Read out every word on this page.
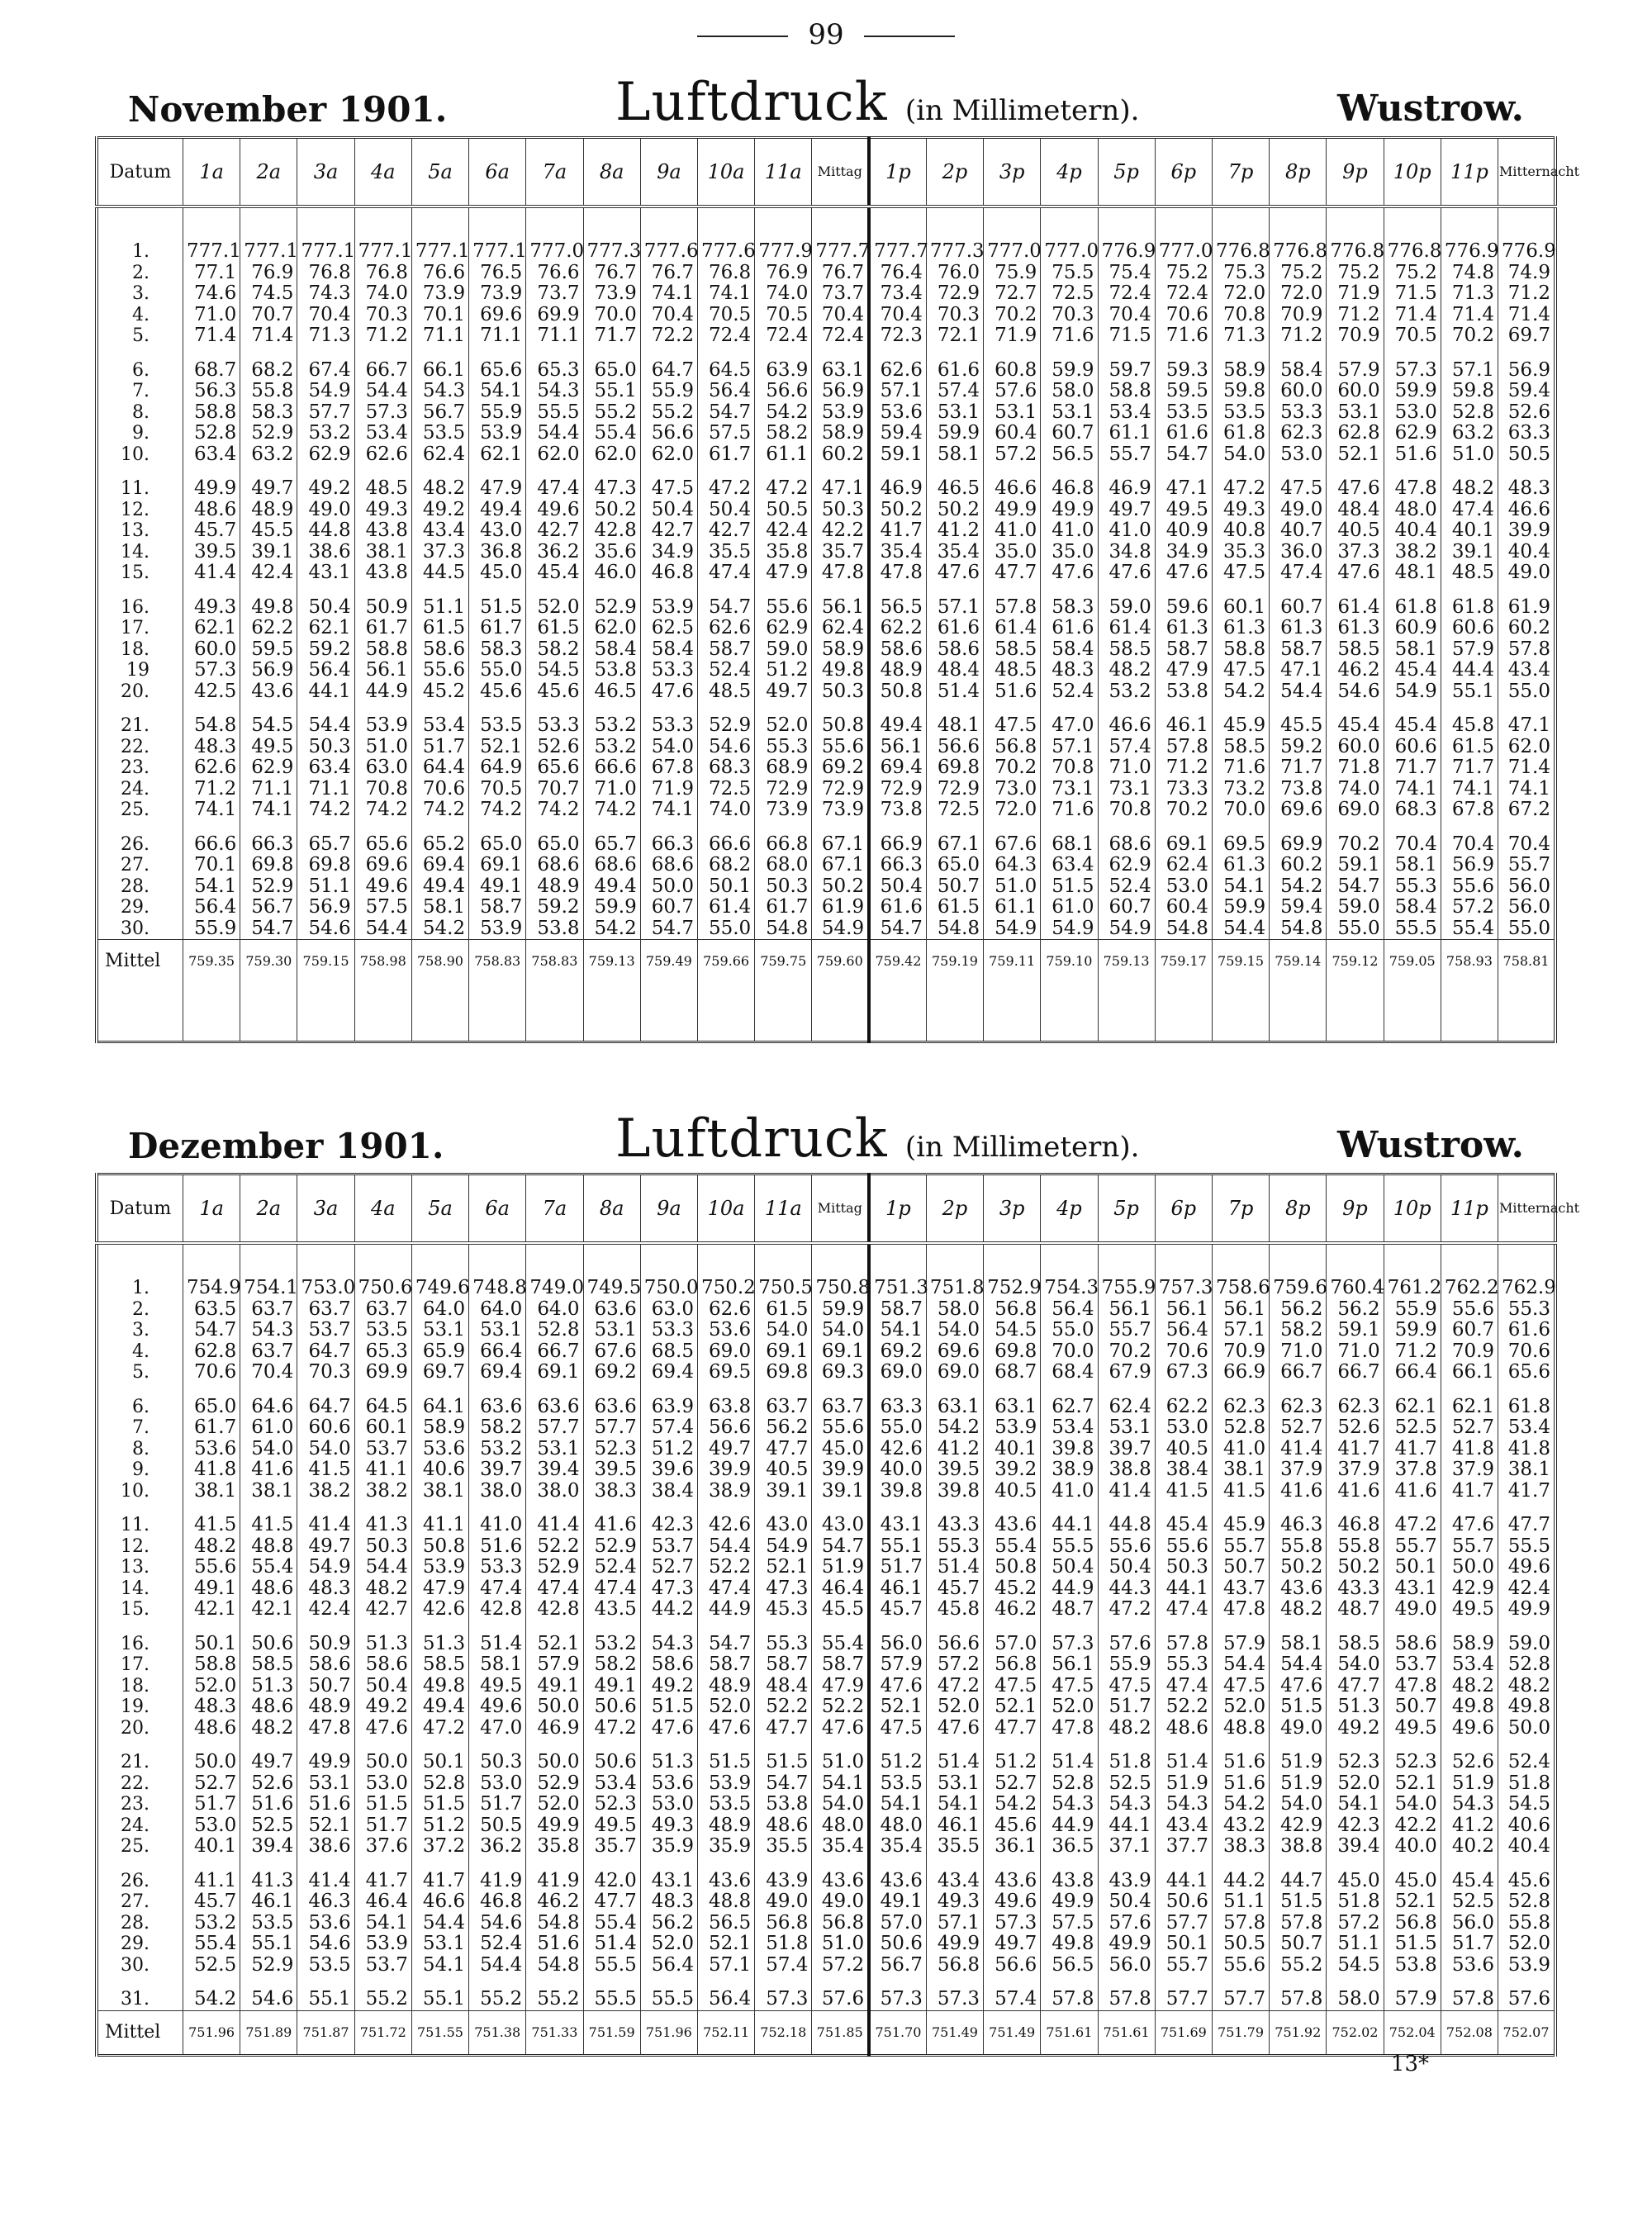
99
November 1901.	Luftdruck (in Millimetern).	Wustrow.
Datum	1a	2a	3a	4a	5a	6a	7a	8a	9a	10a	11a	Mittag	1p	2p	3p	4p	5p	6p	7p	8p	9p	10p	11p	Mitternacht
1.	777.1	777.1	777.1	777.1	777.1	777.1	777.0	777.3	777.6	777.6	777.9	777.7	777.7	777.3	777.0	777.0	776.9	777.0	776.8	776.8	776.8	776.8	776.9	776.9
2.	77.1	76.9	76.8	76.8	76.6	76.5	76.6	76.7	76.7	76.8	76.9	76.7	76.4	76.0	75.9	75.5	75.4	75.2	75.3	75.2	75.2	75.2	74.8	74.9
3.	74.6	74.5	74.3	74.0	73.9	73.9	73.7	73.9	74.1	74.1	74.0	73.7	73.4	72.9	72.7	72.5	72.4	72.4	72.0	72.0	71.9	71.5	71.3	71.2
4.	71.0	70.7	70.4	70.3	70.1	69.6	69.9	70.0	70.4	70.5	70.5	70.4	70.4	70.3	70.2	70.3	70.4	70.6	70.8	70.9	71.2	71.4	71.4	71.4
5.	71.4	71.4	71.3	71.2	71.1	71.1	71.1	71.7	72.2	72.4	72.4	72.4	72.3	72.1	71.9	71.6	71.5	71.6	71.3	71.2	70.9	70.5	70.2	69.7

6.	68.7	68.2	67.4	66.7	66.1	65.6	65.3	65.0	64.7	64.5	63.9	63.1	62.6	61.6	60.8	59.9	59.7	59.3	58.9	58.4	57.9	57.3	57.1	56.9
7.	56.3	55.8	54.9	54.4	54.3	54.1	54.3	55.1	55.9	56.4	56.6	56.9	57.1	57.4	57.6	58.0	58.8	59.5	59.8	60.0	60.0	59.9	59.8	59.4
8.	58.8	58.3	57.7	57.3	56.7	55.9	55.5	55.2	55.2	54.7	54.2	53.9	53.6	53.1	53.1	53.1	53.4	53.5	53.5	53.3	53.1	53.0	52.8	52.6
9.	52.8	52.9	53.2	53.4	53.5	53.9	54.4	55.4	56.6	57.5	58.2	58.9	59.4	59.9	60.4	60.7	61.1	61.6	61.8	62.3	62.8	62.9	63.2	63.3
10.	63.4	63.2	62.9	62.6	62.4	62.1	62.0	62.0	62.0	61.7	61.1	60.2	59.1	58.1	57.2	56.5	55.7	54.7	54.0	53.0	52.1	51.6	51.0	50.5

11.	49.9	49.7	49.2	48.5	48.2	47.9	47.4	47.3	47.5	47.2	47.2	47.1	46.9	46.5	46.6	46.8	46.9	47.1	47.2	47.5	47.6	47.8	48.2	48.3
12.	48.6	48.9	49.0	49.3	49.2	49.4	49.6	50.2	50.4	50.4	50.5	50.3	50.2	50.2	49.9	49.9	49.7	49.5	49.3	49.0	48.4	48.0	47.4	46.6
13.	45.7	45.5	44.8	43.8	43.4	43.0	42.7	42.8	42.7	42.7	42.4	42.2	41.7	41.2	41.0	41.0	41.0	40.9	40.8	40.7	40.5	40.4	40.1	39.9
14.	39.5	39.1	38.6	38.1	37.3	36.8	36.2	35.6	34.9	35.5	35.8	35.7	35.4	35.4	35.0	35.0	34.8	34.9	35.3	36.0	37.3	38.2	39.1	40.4
15.	41.4	42.4	43.1	43.8	44.5	45.0	45.4	46.0	46.8	47.4	47.9	47.8	47.8	47.6	47.7	47.6	47.6	47.6	47.5	47.4	47.6	48.1	48.5	49.0

16.	49.3	49.8	50.4	50.9	51.1	51.5	52.0	52.9	53.9	54.7	55.6	56.1	56.5	57.1	57.8	58.3	59.0	59.6	60.1	60.7	61.4	61.8	61.8	61.9
17.	62.1	62.2	62.1	61.7	61.5	61.7	61.5	62.0	62.5	62.6	62.9	62.4	62.2	61.6	61.4	61.6	61.4	61.3	61.3	61.3	61.3	60.9	60.6	60.2
18.	60.0	59.5	59.2	58.8	58.6	58.3	58.2	58.4	58.4	58.7	59.0	58.9	58.6	58.6	58.5	58.4	58.5	58.7	58.8	58.7	58.5	58.1	57.9	57.8
19	57.3	56.9	56.4	56.1	55.6	55.0	54.5	53.8	53.3	52.4	51.2	49.8	48.9	48.4	48.5	48.3	48.2	47.9	47.5	47.1	46.2	45.4	44.4	43.4
20.	42.5	43.6	44.1	44.9	45.2	45.6	45.6	46.5	47.6	48.5	49.7	50.3	50.8	51.4	51.6	52.4	53.2	53.8	54.2	54.4	54.6	54.9	55.1	55.0

21.	54.8	54.5	54.4	53.9	53.4	53.5	53.3	53.2	53.3	52.9	52.0	50.8	49.4	48.1	47.5	47.0	46.6	46.1	45.9	45.5	45.4	45.4	45.8	47.1
22.	48.3	49.5	50.3	51.0	51.7	52.1	52.6	53.2	54.0	54.6	55.3	55.6	56.1	56.6	56.8	57.1	57.4	57.8	58.5	59.2	60.0	60.6	61.5	62.0
23.	62.6	62.9	63.4	63.0	64.4	64.9	65.6	66.6	67.8	68.3	68.9	69.2	69.4	69.8	70.2	70.8	71.0	71.2	71.6	71.7	71.8	71.7	71.7	71.4
24.	71.2	71.1	71.1	70.8	70.6	70.5	70.7	71.0	71.9	72.5	72.9	72.9	72.9	72.9	73.0	73.1	73.1	73.3	73.2	73.8	74.0	74.1	74.1	74.1
25.	74.1	74.1	74.2	74.2	74.2	74.2	74.2	74.2	74.1	74.0	73.9	73.9	73.8	72.5	72.0	71.6	70.8	70.2	70.0	69.6	69.0	68.3	67.8	67.2

26.	66.6	66.3	65.7	65.6	65.2	65.0	65.0	65.7	66.3	66.6	66.8	67.1	66.9	67.1	67.6	68.1	68.6	69.1	69.5	69.9	70.2	70.4	70.4	70.4
27.	70.1	69.8	69.8	69.6	69.4	69.1	68.6	68.6	68.6	68.2	68.0	67.1	66.3	65.0	64.3	63.4	62.9	62.4	61.3	60.2	59.1	58.1	56.9	55.7
28.	54.1	52.9	51.1	49.6	49.4	49.1	48.9	49.4	50.0	50.1	50.3	50.2	50.4	50.7	51.0	51.5	52.4	53.0	54.1	54.2	54.7	55.3	55.6	56.0
29.	56.4	56.7	56.9	57.5	58.1	58.7	59.2	59.9	60.7	61.4	61.7	61.9	61.6	61.5	61.1	61.0	60.7	60.4	59.9	59.4	59.0	58.4	57.2	56.0
30.	55.9	54.7	54.6	54.4	54.2	53.9	53.8	54.2	54.7	55.0	54.8	54.9	54.7	54.8	54.9	54.9	54.9	54.8	54.4	54.8	55.0	55.5	55.4	55.0
Mittel	759.35	759.30	759.15	758.98	758.90	758.83	758.83	759.13	759.49	759.66	759.75	759.60	759.42	759.19	759.11	759.10	759.13	759.17	759.15	759.14	759.12	759.05	758.93	758.81

Dezember 1901.	Luftdruck (in Millimetern).	Wustrow.
Datum	1a	2a	3a	4a	5a	6a	7a	8a	9a	10a	11a	Mittag	1p	2p	3p	4p	5p	6p	7p	8p	9p	10p	11p	Mitternacht
1.	754.9	754.1	753.0	750.6	749.6	748.8	749.0	749.5	750.0	750.2	750.5	750.8	751.3	751.8	752.9	754.3	755.9	757.3	758.6	759.6	760.4	761.2	762.2	762.9
2.	63.5	63.7	63.7	63.7	64.0	64.0	64.0	63.6	63.0	62.6	61.5	59.9	58.7	58.0	56.8	56.4	56.1	56.1	56.1	56.2	56.2	55.9	55.6	55.3
3.	54.7	54.3	53.7	53.5	53.1	53.1	52.8	53.1	53.3	53.6	54.0	54.0	54.1	54.0	54.5	55.0	55.7	56.4	57.1	58.2	59.1	59.9	60.7	61.6
4.	62.8	63.7	64.7	65.3	65.9	66.4	66.7	67.6	68.5	69.0	69.1	69.1	69.2	69.6	69.8	70.0	70.2	70.6	70.9	71.0	71.0	71.2	70.9	70.6
5.	70.6	70.4	70.3	69.9	69.7	69.4	69.1	69.2	69.4	69.5	69.8	69.3	69.0	69.0	68.7	68.4	67.9	67.3	66.9	66.7	66.7	66.4	66.1	65.6

6.	65.0	64.6	64.7	64.5	64.1	63.6	63.6	63.6	63.9	63.8	63.7	63.7	63.3	63.1	63.1	62.7	62.4	62.2	62.3	62.3	62.3	62.1	62.1	61.8
7.	61.7	61.0	60.6	60.1	58.9	58.2	57.7	57.7	57.4	56.6	56.2	55.6	55.0	54.2	53.9	53.4	53.1	53.0	52.8	52.7	52.6	52.5	52.7	53.4
8.	53.6	54.0	54.0	53.7	53.6	53.2	53.1	52.3	51.2	49.7	47.7	45.0	42.6	41.2	40.1	39.8	39.7	40.5	41.0	41.4	41.7	41.7	41.8	41.8
9.	41.8	41.6	41.5	41.1	40.6	39.7	39.4	39.5	39.6	39.9	40.5	39.9	40.0	39.5	39.2	38.9	38.8	38.4	38.1	37.9	37.9	37.8	37.9	38.1
10.	38.1	38.1	38.2	38.2	38.1	38.0	38.0	38.3	38.4	38.9	39.1	39.1	39.8	39.8	40.5	41.0	41.4	41.5	41.5	41.6	41.6	41.6	41.7	41.7

11.	41.5	41.5	41.4	41.3	41.1	41.0	41.4	41.6	42.3	42.6	43.0	43.0	43.1	43.3	43.6	44.1	44.8	45.4	45.9	46.3	46.8	47.2	47.6	47.7
12.	48.2	48.8	49.7	50.3	50.8	51.6	52.2	52.9	53.7	54.4	54.9	54.7	55.1	55.3	55.4	55.5	55.6	55.6	55.7	55.8	55.8	55.7	55.7	55.5
13.	55.6	55.4	54.9	54.4	53.9	53.3	52.9	52.4	52.7	52.2	52.1	51.9	51.7	51.4	50.8	50.4	50.4	50.3	50.7	50.2	50.2	50.1	50.0	49.6
14.	49.1	48.6	48.3	48.2	47.9	47.4	47.4	47.4	47.3	47.4	47.3	46.4	46.1	45.7	45.2	44.9	44.3	44.1	43.7	43.6	43.3	43.1	42.9	42.4
15.	42.1	42.1	42.4	42.7	42.6	42.8	42.8	43.5	44.2	44.9	45.3	45.5	45.7	45.8	46.2	48.7	47.2	47.4	47.8	48.2	48.7	49.0	49.5	49.9

16.	50.1	50.6	50.9	51.3	51.3	51.4	52.1	53.2	54.3	54.7	55.3	55.4	56.0	56.6	57.0	57.3	57.6	57.8	57.9	58.1	58.5	58.6	58.9	59.0
17.	58.8	58.5	58.6	58.6	58.5	58.1	57.9	58.2	58.6	58.7	58.7	58.7	57.9	57.2	56.8	56.1	55.9	55.3	54.4	54.4	54.0	53.7	53.4	52.8
18.	52.0	51.3	50.7	50.4	49.8	49.5	49.1	49.1	49.2	48.9	48.4	47.9	47.6	47.2	47.5	47.5	47.5	47.4	47.5	47.6	47.7	47.8	48.2	48.2
19.	48.3	48.6	48.9	49.2	49.4	49.6	50.0	50.6	51.5	52.0	52.2	52.2	52.1	52.0	52.1	52.0	51.7	52.2	52.0	51.5	51.3	50.7	49.8	49.8
20.	48.6	48.2	47.8	47.6	47.2	47.0	46.9	47.2	47.6	47.6	47.7	47.6	47.5	47.6	47.7	47.8	48.2	48.6	48.8	49.0	49.2	49.5	49.6	50.0

21.	50.0	49.7	49.9	50.0	50.1	50.3	50.0	50.6	51.3	51.5	51.5	51.0	51.2	51.4	51.2	51.4	51.8	51.4	51.6	51.9	52.3	52.3	52.6	52.4
22.	52.7	52.6	53.1	53.0	52.8	53.0	52.9	53.4	53.6	53.9	54.7	54.1	53.5	53.1	52.7	52.8	52.5	51.9	51.6	51.9	52.0	52.1	51.9	51.8
23.	51.7	51.6	51.6	51.5	51.5	51.7	52.0	52.3	53.0	53.5	53.8	54.0	54.1	54.1	54.2	54.3	54.3	54.3	54.2	54.0	54.1	54.0	54.3	54.5
24.	53.0	52.5	52.1	51.7	51.2	50.5	49.9	49.5	49.3	48.9	48.6	48.0	48.0	46.1	45.6	44.9	44.1	43.4	43.2	42.9	42.3	42.2	41.2	40.6
25.	40.1	39.4	38.6	37.6	37.2	36.2	35.8	35.7	35.9	35.9	35.5	35.4	35.4	35.5	36.1	36.5	37.1	37.7	38.3	38.8	39.4	40.0	40.2	40.4

26.	41.1	41.3	41.4	41.7	41.7	41.9	41.9	42.0	43.1	43.6	43.9	43.6	43.6	43.4	43.6	43.8	43.9	44.1	44.2	44.7	45.0	45.0	45.4	45.6
27.	45.7	46.1	46.3	46.4	46.6	46.8	46.2	47.7	48.3	48.8	49.0	49.0	49.1	49.3	49.6	49.9	50.4	50.6	51.1	51.5	51.8	52.1	52.5	52.8
28.	53.2	53.5	53.6	54.1	54.4	54.6	54.8	55.4	56.2	56.5	56.8	56.8	57.0	57.1	57.3	57.5	57.6	57.7	57.8	57.8	57.2	56.8	56.0	55.8
29.	55.4	55.1	54.6	53.9	53.1	52.4	51.6	51.4	52.0	52.1	51.8	51.0	50.6	49.9	49.7	49.8	49.9	50.1	50.5	50.7	51.1	51.5	51.7	52.0
30.	52.5	52.9	53.5	53.7	54.1	54.4	54.8	55.5	56.4	57.1	57.4	57.2	56.7	56.8	56.6	56.5	56.0	55.7	55.6	55.2	54.5	53.8	53.6	53.9

31.	54.2	54.6	55.1	55.2	55.1	55.2	55.2	55.5	55.5	56.4	57.3	57.6	57.3	57.3	57.4	57.8	57.8	57.7	57.7	57.8	58.0	57.9	57.8	57.6
Mittel	751.96	751.89	751.87	751.72	751.55	751.38	751.33	751.59	751.96	752.11	752.18	751.85	751.70	751.49	751.49	751.61	751.61	751.69	751.79	751.92	752.02	752.04	752.08	752.07
13*
